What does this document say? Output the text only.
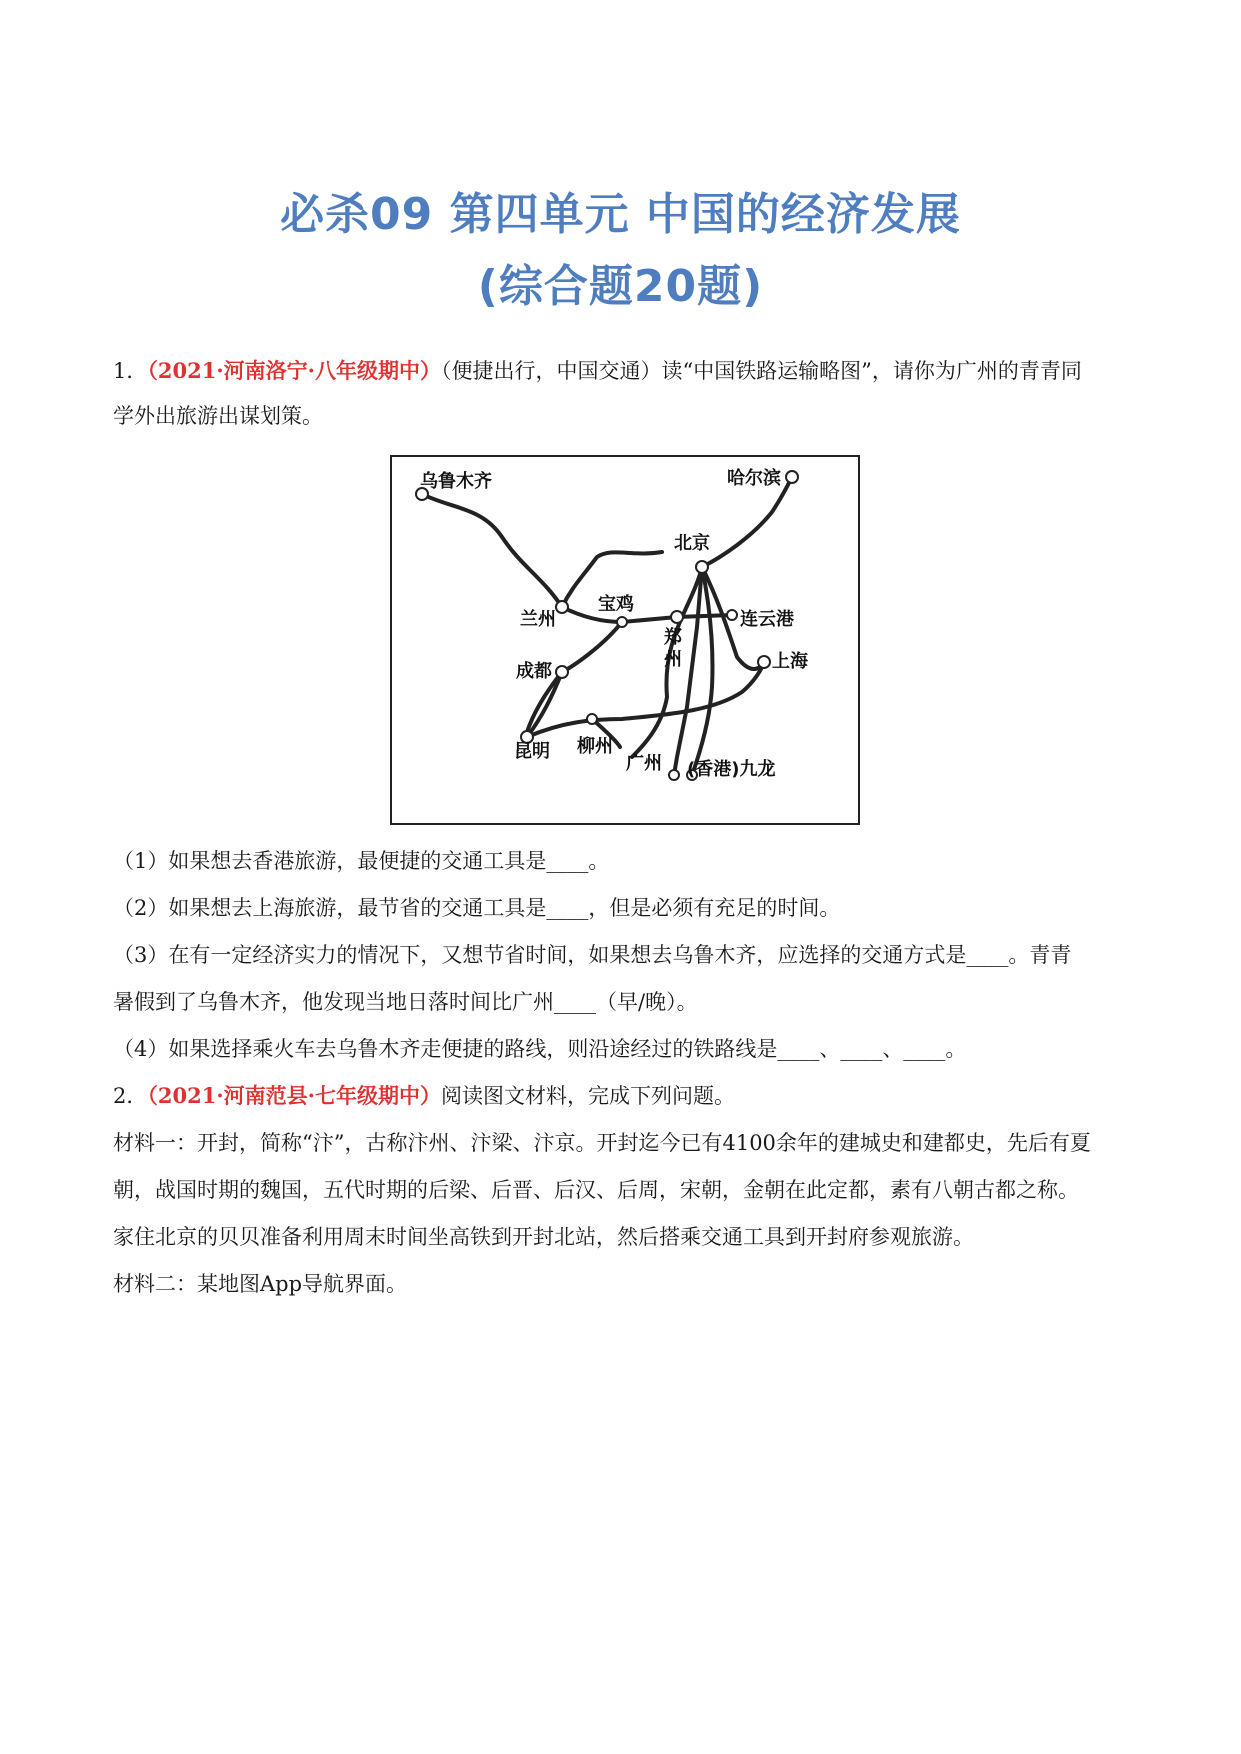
必杀09 第四单元 中国的经济发展
(综合题20题)
1．（2021·河南洛宁·八年级期中）（便捷出行，中国交通）读“中国铁路运输略图”，请你为广州的青青同
学外出旅游出谋划策。
乌鲁木齐	哈尔滨
北京
兰州
宝鸡
郑
州
连云港
上海
成都
昆明 柳州
广州 (香港)九龙
（1）如果想去香港旅游，最便捷的交通工具是____。
（2）如果想去上海旅游，最节省的交通工具是____，但是必须有充足的时间。
（3）在有一定经济实力的情况下，又想节省时间，如果想去乌鲁木齐，应选择的交通方式是____。青青
暑假到了乌鲁木齐，他发现当地日落时间比广州____（早/晚）。
（4）如果选择乘火车去乌鲁木齐走便捷的路线，则沿途经过的铁路线是____、____、____。
2．（2021·河南范县·七年级期中）阅读图文材料，完成下列问题。
材料一：开封，简称“汴”，古称汴州、汴梁、汴京。开封迄今已有4100余年的建城史和建都史，先后有夏
朝，战国时期的魏国，五代时期的后梁、后晋、后汉、后周，宋朝，金朝在此定都，素有八朝古都之称。
家住北京的贝贝准备利用周末时间坐高铁到开封北站，然后搭乘交通工具到开封府参观旅游。
材料二：某地图App导航界面。
